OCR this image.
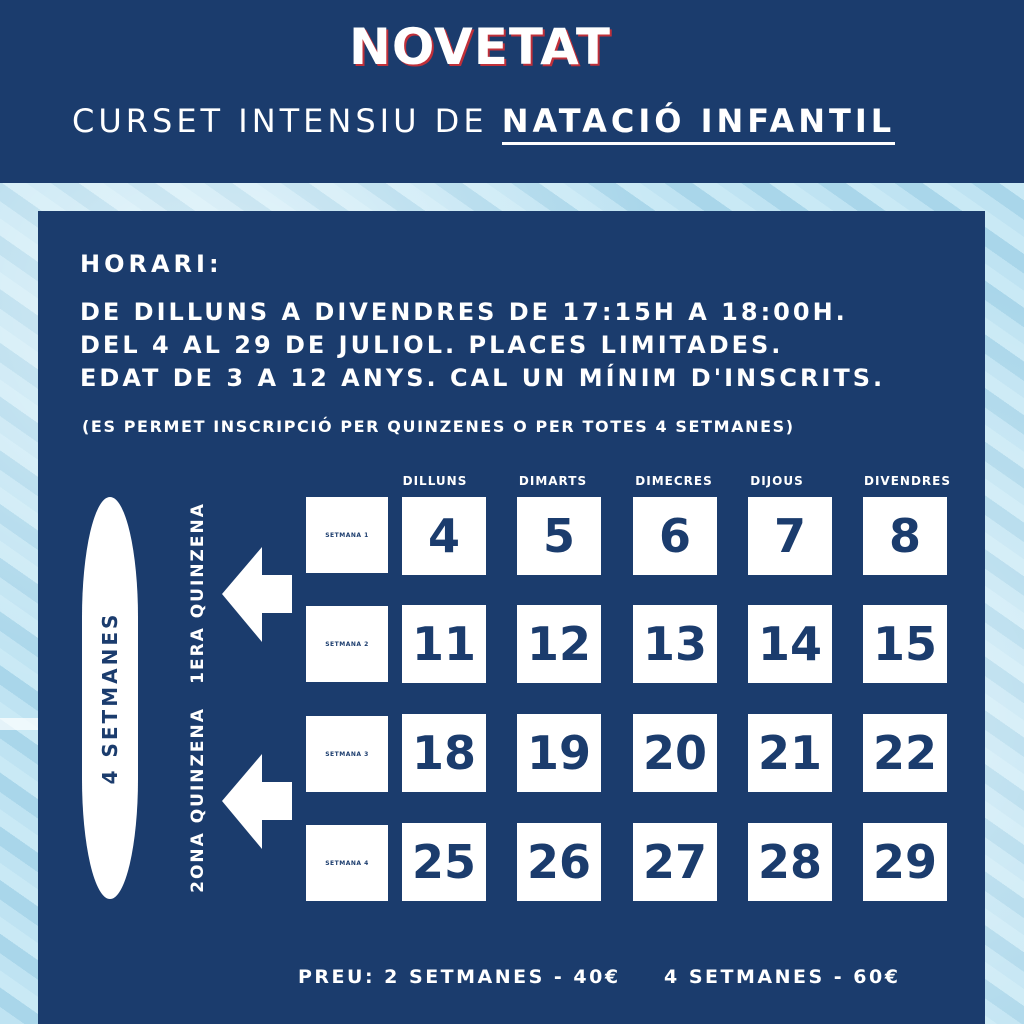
NOVETAT
CURSET INTENSIU DE NATACIÓ INFANTIL
HORARI:
DE DILLUNS A DIVENDRES DE 17:15H A 18:00H.
DEL 4 AL 29 DE JULIOL. PLACES LIMITADES.
EDAT DE 3 A 12 ANYS. CAL UN MÍNIM D'INSCRITS.
(ES PERMET INSCRIPCIÓ PER QUINZENES O PER TOTES 4 SETMANES)
DILLUNS	DIMARTS	DIMECRES	DIJOUS	DIVENDRES
SETMANA 1	4	5	6	7	8
SETMANA 2 11 12 13 14 15
SETMANA 3 18 19 20 21 22
SETMANA 4 25 26 27 28 29
4 SETMANES
1ERA QUINZENA
2ONA QUINZENA
PREU: 2 SETMANES - 40€ 4 SETMANES - 60€
